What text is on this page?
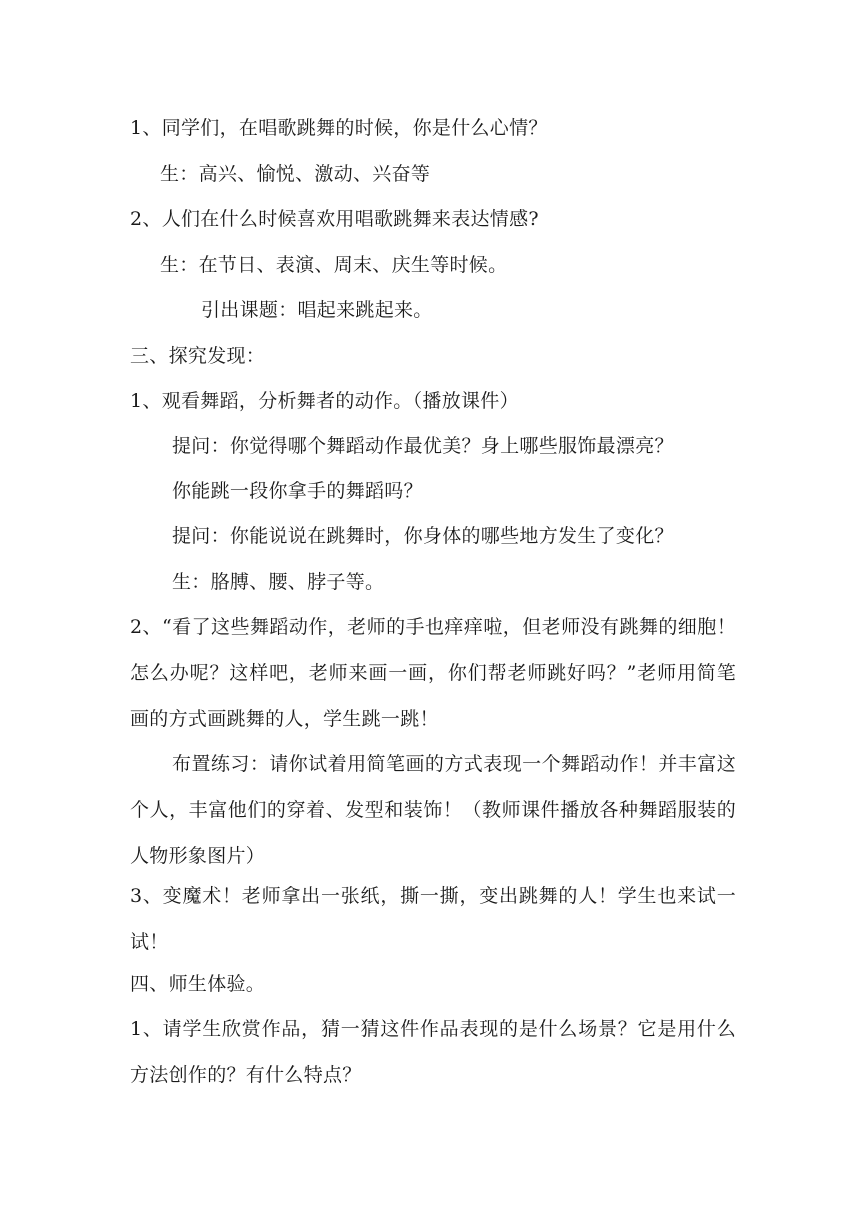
1、同学们，在唱歌跳舞的时候，你是什么心情？
生：高兴、愉悦、激动、兴奋等
2、人们在什么时候喜欢用唱歌跳舞来表达情感?
生：在节日、表演、周末、庆生等时候。
引出课题：唱起来跳起来。
三、探究发现：
1、观看舞蹈，分析舞者的动作。（播放课件）
提问：你觉得哪个舞蹈动作最优美？身上哪些服饰最漂亮？
你能跳一段你拿手的舞蹈吗？
提问：你能说说在跳舞时，你身体的哪些地方发生了变化？
生：胳膊、腰、脖子等。
2、“看了这些舞蹈动作，老师的手也痒痒啦，但老师没有跳舞的细胞！怎么办呢？这样吧，老师来画一画，你们帮老师跳好吗？”老师用简笔画的方式画跳舞的人，学生跳一跳！
布置练习：请你试着用简笔画的方式表现一个舞蹈动作！并丰富这个人，丰富他们的穿着、发型和装饰！（教师课件播放各种舞蹈服装的人物形象图片）
3、变魔术！老师拿出一张纸，撕一撕，变出跳舞的人！学生也来试一试！
四、师生体验。
1、请学生欣赏作品，猜一猜这件作品表现的是什么场景？它是用什么方法创作的？有什么特点？
